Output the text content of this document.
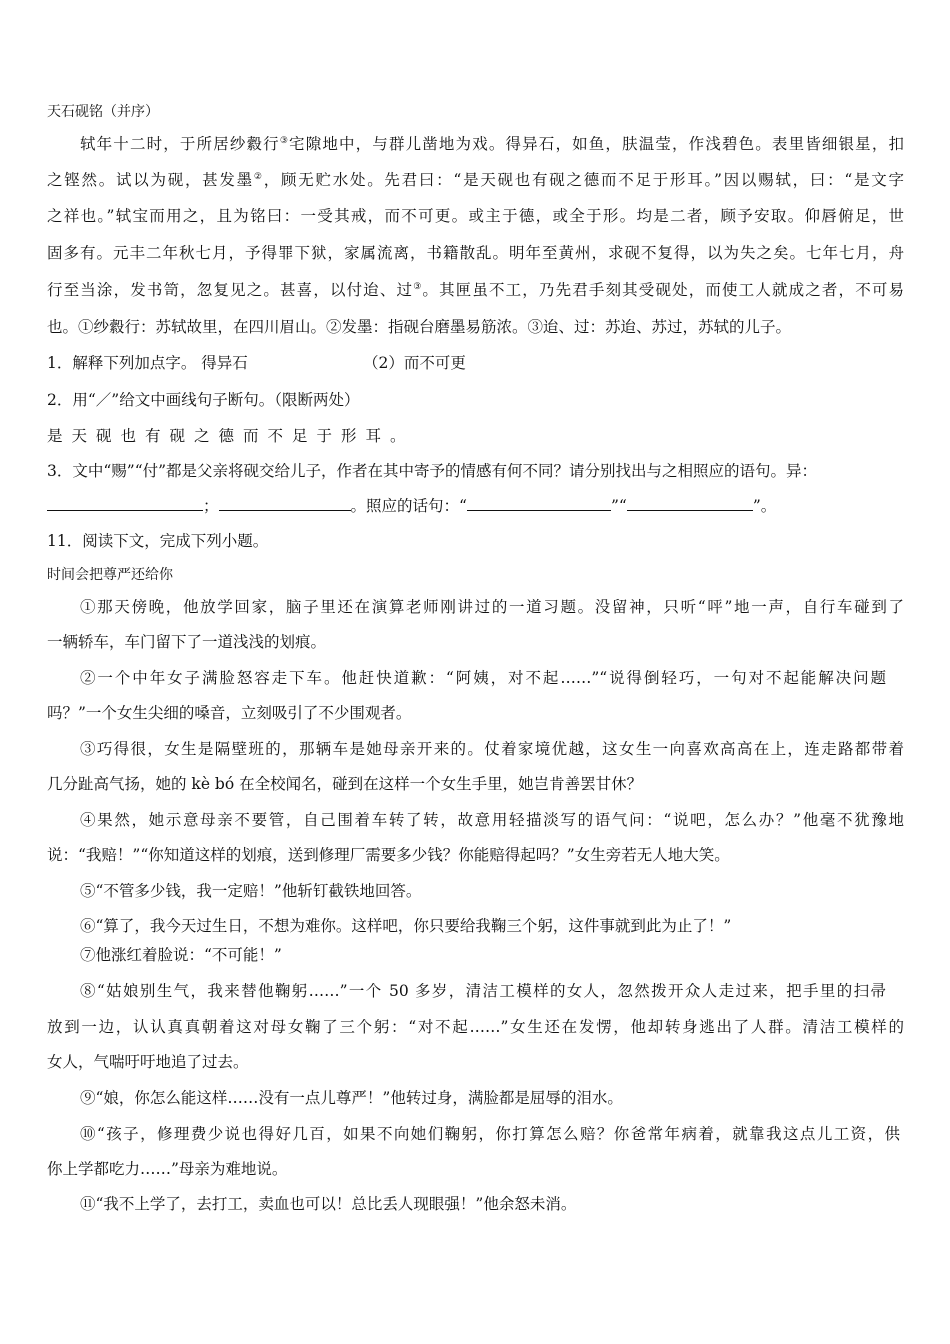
天石砚铭（并序）
轼年十二时，于所居纱縠行③宅隙地中，与群儿凿地为戏。得异石，如鱼，肤温莹，作浅碧色。表里皆细银星，扣
之铿然。试以为砚，甚发墨②，顾无贮水处。先君曰：“是天砚也有砚之德而不足于形耳。”因以赐轼，曰：“是文字
之祥也。”轼宝而用之，且为铭曰：一受其戒，而不可更。或主于德，或全于形。均是二者，顾予安取。仰唇俯足，世
固多有。元丰二年秋七月，予得罪下狱，家属流离，书籍散乱。明年至黄州，求砚不复得，以为失之矣。七年七月，舟
行至当涂，发书笥，忽复见之。甚喜，以付迨、过③。其匣虽不工，乃先君手刻其受砚处，而使工人就成之者，不可易
也。①纱縠行：苏轼故里，在四川眉山。②发墨：指砚台磨墨易筋浓。③迨、过：苏迨、苏过，苏轼的儿子。
1．解释下列加点字。 得异石	（2）而不可更
2．用“／”给文中画线句子断句。（限断两处）
是天砚也有砚之德而不足于形耳。
3．文中“赐”“付”都是父亲将砚交给儿子，作者在其中寄予的情感有何不同？请分别找出与之相照应的语句。异：
；	。照应的话句：“	”“	”。
11．阅读下文，完成下列小题。
时间会把尊严还给你
①那天傍晚，他放学回家，脑子里还在演算老师刚讲过的一道习题。没留神，只听“呯”地一声，自行车碰到了
一辆轿车，车门留下了一道浅浅的划痕。
②一个中年女子满脸怒容走下车。他赶快道歉：“阿姨，对不起……”“说得倒轻巧，一句对不起能解决问题
吗？”一个女生尖细的嗓音，立刻吸引了不少围观者。
③巧得很，女生是隔壁班的，那辆车是她母亲开来的。仗着家境优越，这女生一向喜欢高高在上，连走路都带着
几分趾高气扬，她的 kè bó 在全校闻名，碰到在这样一个女生手里，她岂肯善罢甘休？
④果然，她示意母亲不要管，自己围着车转了转，故意用轻描淡写的语气问：“说吧，怎么办？”他毫不犹豫地
说：“我赔！”“你知道这样的划痕，送到修理厂需要多少钱？你能赔得起吗？”女生旁若无人地大笑。
⑤“不管多少钱，我一定赔！”他斩钉截铁地回答。
⑥“算了，我今天过生日，不想为难你。这样吧，你只要给我鞠三个躬，这件事就到此为止了！”
⑦他涨红着脸说：“不可能！”
⑧“姑娘别生气，我来替他鞠躬……”一个 50 多岁，清洁工模样的女人，忽然拨开众人走过来，把手里的扫帚
放到一边，认认真真朝着这对母女鞠了三个躬：“对不起……”女生还在发愣，他却转身逃出了人群。清洁工模样的
女人，气喘吁吁地追了过去。
⑨“娘，你怎么能这样……没有一点儿尊严！”他转过身，满脸都是屈辱的泪水。
⑩“孩子，修理费少说也得好几百，如果不向她们鞠躬，你打算怎么赔？你爸常年病着，就靠我这点儿工资，供
你上学都吃力……”母亲为难地说。
⑪“我不上学了，去打工，卖血也可以！总比丢人现眼强！”他余怒未消。
